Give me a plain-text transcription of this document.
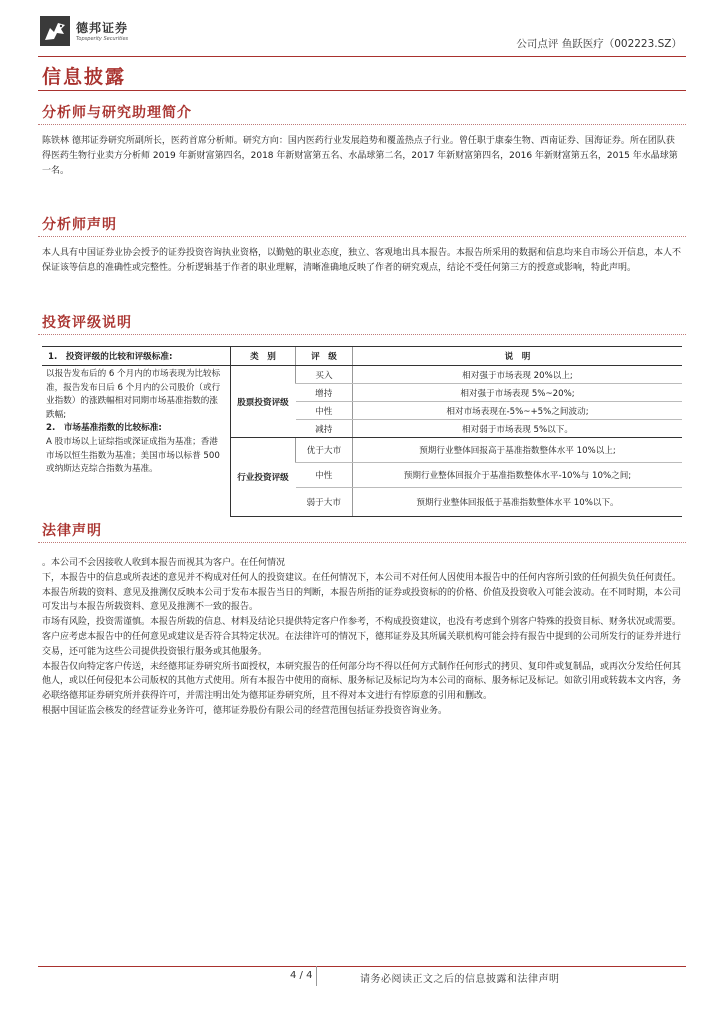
德邦证券
Topsperity Securities	公司点评 鱼跃医疗（002223.SZ）
信息披露
分析师与研究助理简介

陈铁林 德邦证券研究所副所长，医药首席分析师。研究方向：国内医药行业发展趋势和覆盖热点子行业。曾任职于康泰生物、西南证券、国海证券。所在团队获得医药生物行业卖方分析师 2019 年新财富第四名，2018 年新财富第五名、水晶球第二名，2017 年新财富第四名，2016 年新财富第五名，2015 年水晶球第一名。

分析师声明

本人具有中国证券业协会授予的证券投资咨询执业资格，以勤勉的职业态度，独立、客观地出具本报告。本报告所采用的数据和信息均来自市场公开信息，本人不保证该等信息的准确性或完整性。分析逻辑基于作者的职业理解，清晰准确地反映了作者的研究观点，结论不受任何第三方的授意或影响，特此声明。

投资评级说明
1.　投资评级的比较和评级标准:	类　别	评　级	说　明

以报告发布后的 6 个月内的市场表现为比较标准，报告发布日后 6 个月内的公司股价（或行业指数）的涨跌幅相对同期市场基准指数的涨跌幅;
2.　市场基准指数的比较标准:
A 股市场以上证综指或深证成指为基准；香港市场以恒生指数为基准；美国市场以标普 500 或纳斯达克综合指数为基准。	股票投资评级	买入	相对强于市场表现 20%以上;
		增持	相对强于市场表现 5%~20%;
		中性	相对市场表现在-5%~+5%之间波动;
		减持	相对弱于市场表现 5%以下。
	行业投资评级	优于大市	预期行业整体回报高于基准指数整体水平 10%以上;
		中性	预期行业整体回报介于基准指数整体水平-10%与 10%之间;
		弱于大市	预期行业整体回报低于基准指数整体水平 10%以下。
法律声明
。本公司不会因接收人收到本报告而视其为客户。在任何情况
下，本报告中的信息或所表述的意见并不构成对任何人的投资建议。在任何情况下，本公司不对任何人因使用本报告中的任何内容所引致的任何损失负任何责任。
本报告所载的资料、意见及推测仅反映本公司于发布本报告当日的判断，本报告所指的证券或投资标的的价格、价值及投资收入可能会波动。在不同时期，本公司可发出与本报告所载资料、意见及推测不一致的报告。
市场有风险，投资需谨慎。本报告所载的信息、材料及结论只提供特定客户作参考，不构成投资建议，也没有考虑到个别客户特殊的投资目标、财务状况或需要。客户应考虑本报告中的任何意见或建议是否符合其特定状况。在法律许可的情况下，德邦证券及其所属关联机构可能会持有报告中提到的公司所发行的证券并进行交易，还可能为这些公司提供投资银行服务或其他服务。
本报告仅向特定客户传送，未经德邦证券研究所书面授权，本研究报告的任何部分均不得以任何方式制作任何形式的拷贝、复印件或复制品，或再次分发给任何其他人，或以任何侵犯本公司版权的其他方式使用。所有本报告中使用的商标、服务标记及标记均为本公司的商标、服务标记及标记。如欲引用或转载本文内容，务必联络德邦证券研究所并获得许可，并需注明出处为德邦证券研究所，且不得对本文进行有悖原意的引用和删改。
根据中国证监会核发的经营证券业务许可，德邦证券股份有限公司的经营范围包括证券投资咨询业务。
4 / 4	请务必阅读正文之后的信息披露和法律声明
